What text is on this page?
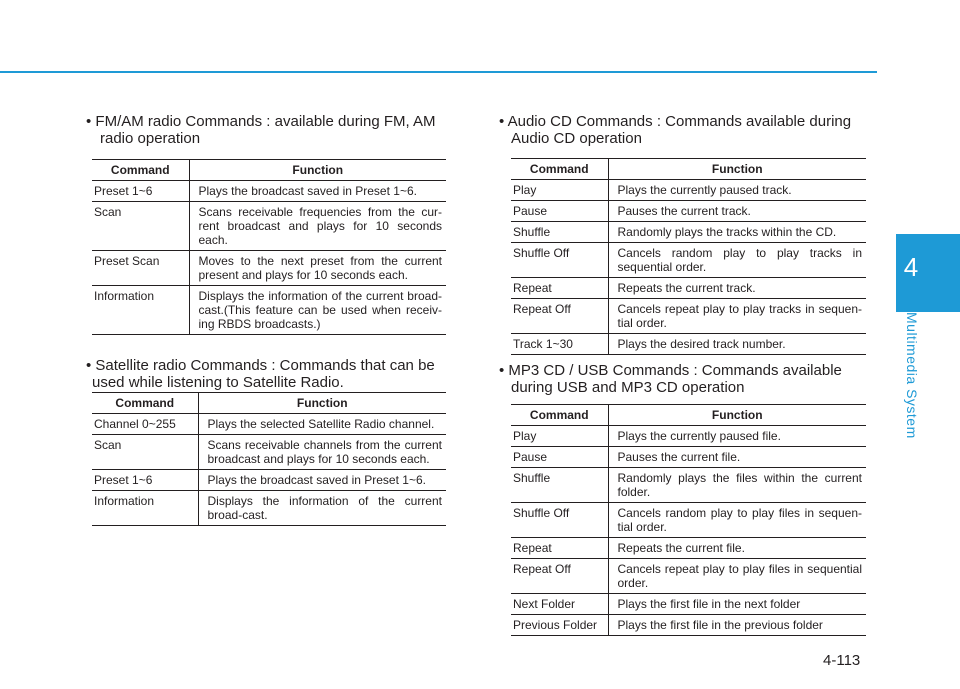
4
Multimedia System
• FM/AM radio Commands : available during FM, AM
radio operation
Command	Function
Preset 1~6	Plays the broadcast saved in Preset 1~6.
Scan	Scans receivable frequencies from the cur-rent broadcast and plays for 10 seconds each.
Preset Scan	Moves to the next preset from the current present and plays for 10 seconds each.
Information	Displays the information of the current broad-cast.(This feature can be used when receiv-ing RBDS broadcasts.)
• Satellite radio Commands : Commands that can be
used while listening to Satellite Radio.
Command	Function
Channel 0~255	Plays the selected Satellite Radio channel.
Scan	Scans receivable channels from the current broadcast and plays for 10 seconds each.
Preset 1~6	Plays the broadcast saved in Preset 1~6.
Information	Displays the information of the current broad-cast.
• Audio CD Commands : Commands available during
Audio CD operation
Command	Function
Play	Plays the currently paused track.
Pause	Pauses the current track.
Shuffle	Randomly plays the tracks within the CD.
Shuffle Off	Cancels random play to play tracks in sequential order.
Repeat	Repeats the current track.
Repeat Off	Cancels repeat play to play tracks in sequen-tial order.
Track 1~30	Plays the desired track number.
• MP3 CD / USB Commands : Commands available
during USB and MP3 CD operation
Command	Function
Play	Plays the currently paused file.
Pause	Pauses the current file.
Shuffle	Randomly plays the files within the current folder.
Shuffle Off	Cancels random play to play files in sequen-tial order.
Repeat	Repeats the current file.
Repeat Off	Cancels repeat play to play files in sequential order.
Next Folder	Plays the first file in the next folder
Previous Folder	Plays the first file in the previous folder
4-113
